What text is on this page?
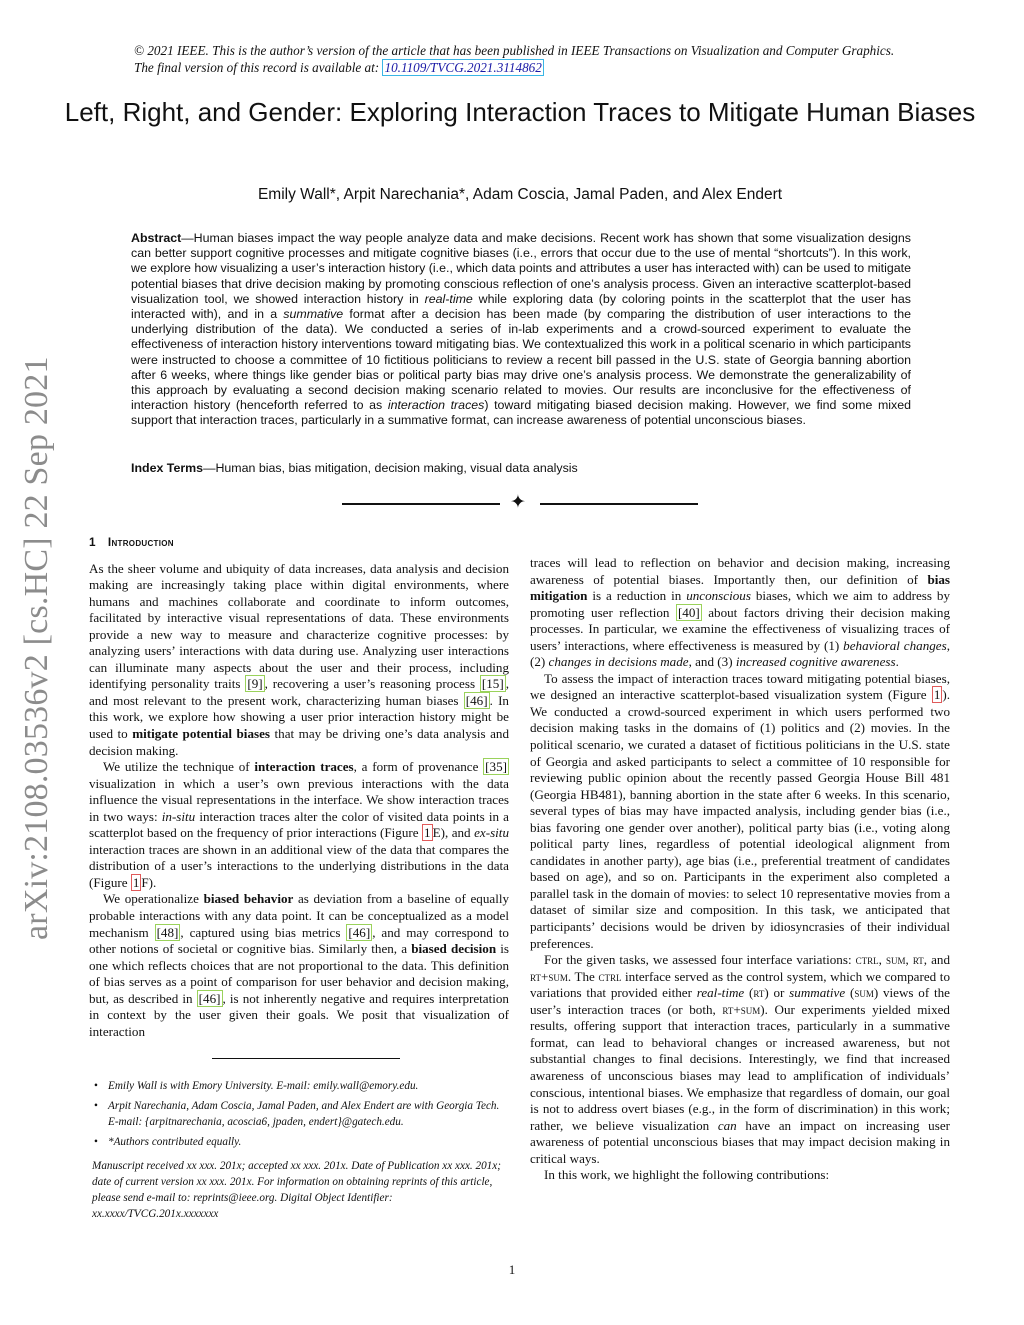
© 2021 IEEE. This is the author’s version of the article that has been published in IEEE Transactions on Visualization and Computer Graphics. The final version of this record is available at: 10.1109/TVCG.2021.3114862
Left, Right, and Gender: Exploring Interaction Traces to Mitigate Human Biases
Emily Wall*, Arpit Narechania*, Adam Coscia, Jamal Paden, and Alex Endert

Abstract—Human biases impact the way people analyze data and make decisions. Recent work has shown that some visualization designs can better support cognitive processes and mitigate cognitive biases (i.e., errors that occur due to the use of mental “shortcuts”). In this work, we explore how visualizing a user’s interaction history (i.e., which data points and attributes a user has interacted with) can be used to mitigate potential biases that drive decision making by promoting conscious reflection of one’s analysis process. Given an interactive scatterplot-based visualization tool, we showed interaction history in real-time while exploring data (by coloring points in the scatterplot that the user has interacted with), and in a summative format after a decision has been made (by comparing the distribution of user interactions to the underlying distribution of the data). We conducted a series of in-lab experiments and a crowd-sourced experiment to evaluate the effectiveness of interaction history interventions toward mitigating bias. We contextualized this work in a political scenario in which participants were instructed to choose a committee of 10 fictitious politicians to review a recent bill passed in the U.S. state of Georgia banning abortion after 6 weeks, where things like gender bias or political party bias may drive one’s analysis process. We demonstrate the generalizability of this approach by evaluating a second decision making scenario related to movies. Our results are inconclusive for the effectiveness of interaction history (henceforth referred to as interaction traces) toward mitigating biased decision making. However, we find some mixed support that interaction traces, particularly in a summative format, can increase awareness of potential unconscious biases.

Index Terms—Human bias, bias mitigation, decision making, visual data analysis

✦
arXiv:2108.03536v2 [cs.HC] 22 Sep 2021	1 Introduction

As the sheer volume and ubiquity of data increases, data analysis and decision making are increasingly taking place within digital environments, where humans and machines collaborate and coordinate to inform outcomes, facilitated by interactive visual representations of data. These environments provide a new way to measure and characterize cognitive processes: by analyzing users’ interactions with data during use. Analyzing user interactions can illuminate many aspects about the user and their process, including identifying personality traits [9] , recovering a user’s reasoning process [15] , and most relevant to the present work, characterizing human biases [46] . In this work, we explore how showing a user prior interaction history might be used to mitigate potential biases that may be driving one’s data analysis and decision making.

We utilize the technique of interaction traces, a form of provenance [35] visualization in which a user’s own previous interactions with the data influence the visual representations in the interface. We show interaction traces in two ways: in-situ interaction traces alter the color of visited data points in a scatterplot based on the frequency of prior interactions (Figure 1 E), and ex-situ interaction traces are shown in an additional view of the data that compares the distribution of a user’s interactions to the underlying distributions in the data (Figure 1 F).

We operationalize biased behavior as deviation from a baseline of equally probable interactions with any data point. It can be conceptualized as a model mechanism [48] , captured using bias metrics [46] , and may correspond to other notions of societal or cognitive bias. Similarly then, a biased decision is one which reflects choices that are not proportional to the data. This definition of bias serves as a point of comparison for user behavior and decision making, but, as described in [46] , is not inherently negative and requires interpretation in context by the user given their goals. We posit that visualization of interaction

• Emily Wall is with Emory University. E-mail: emily.wall@emory.edu.
• Arpit Narechania, Adam Coscia, Jamal Paden, and Alex Endert are with Georgia Tech. E-mail: {arpitnarechania, acoscia6, jpaden, endert}@gatech.edu.
• *Authors contributed equally.
Manuscript received xx xxx. 201x; accepted xx xxx. 201x. Date of Publication xx xxx. 201x; date of current version xx xxx. 201x. For information on obtaining reprints of this article, please send e-mail to: reprints@ieee.org. Digital Object Identifier: xx.xxxx/TVCG.201x.xxxxxxx

traces will lead to reflection on behavior and decision making, increasing awareness of potential biases. Importantly then, our definition of bias mitigation is a reduction in unconscious biases, which we aim to address by promoting user reflection [40] about factors driving their decision making processes. In particular, we examine the effectiveness of visualizing traces of users’ interactions, where effectiveness is measured by (1) behavioral changes, (2) changes in decisions made, and (3) increased cognitive awareness.

To assess the impact of interaction traces toward mitigating potential biases, we designed an interactive scatterplot-based visualization system (Figure 1 ). We conducted a crowd-sourced experiment in which users performed two decision making tasks in the domains of (1) politics and (2) movies. In the political scenario, we curated a dataset of fictitious politicians in the U.S. state of Georgia and asked participants to select a committee of 10 responsible for reviewing public opinion about the recently passed Georgia House Bill 481 (Georgia HB481), banning abortion in the state after 6 weeks. In this scenario, several types of bias may have impacted analysis, including gender bias (i.e., bias favoring one gender over another), political party bias (i.e., voting along political party lines, regardless of potential ideological alignment from candidates in another party), age bias (i.e., preferential treatment of candidates based on age), and so on. Participants in the experiment also completed a parallel task in the domain of movies: to select 10 representative movies from a dataset of similar size and composition. In this task, we anticipated that participants’ decisions would be driven by idiosyncrasies of their individual preferences.

For the given tasks, we assessed four interface variations: ctrl, sum, rt, and rt+sum. The ctrl interface served as the control system, which we compared to variations that provided either real-time (rt) or summative (sum) views of the user’s interaction traces (or both, rt+sum). Our experiments yielded mixed results, offering support that interaction traces, particularly in a summative format, can lead to behavioral changes or increased awareness, but not substantial changes to final decisions. Interestingly, we find that increased awareness of unconscious biases may lead to amplification of individuals’ conscious, intentional biases. We emphasize that regardless of domain, our goal is not to address overt biases (e.g., in the form of discrimination) in this work; rather, we believe visualization can have an impact on increasing user awareness of potential unconscious biases that may impact decision making in critical ways.

In this work, we highlight the following contributions:

1
